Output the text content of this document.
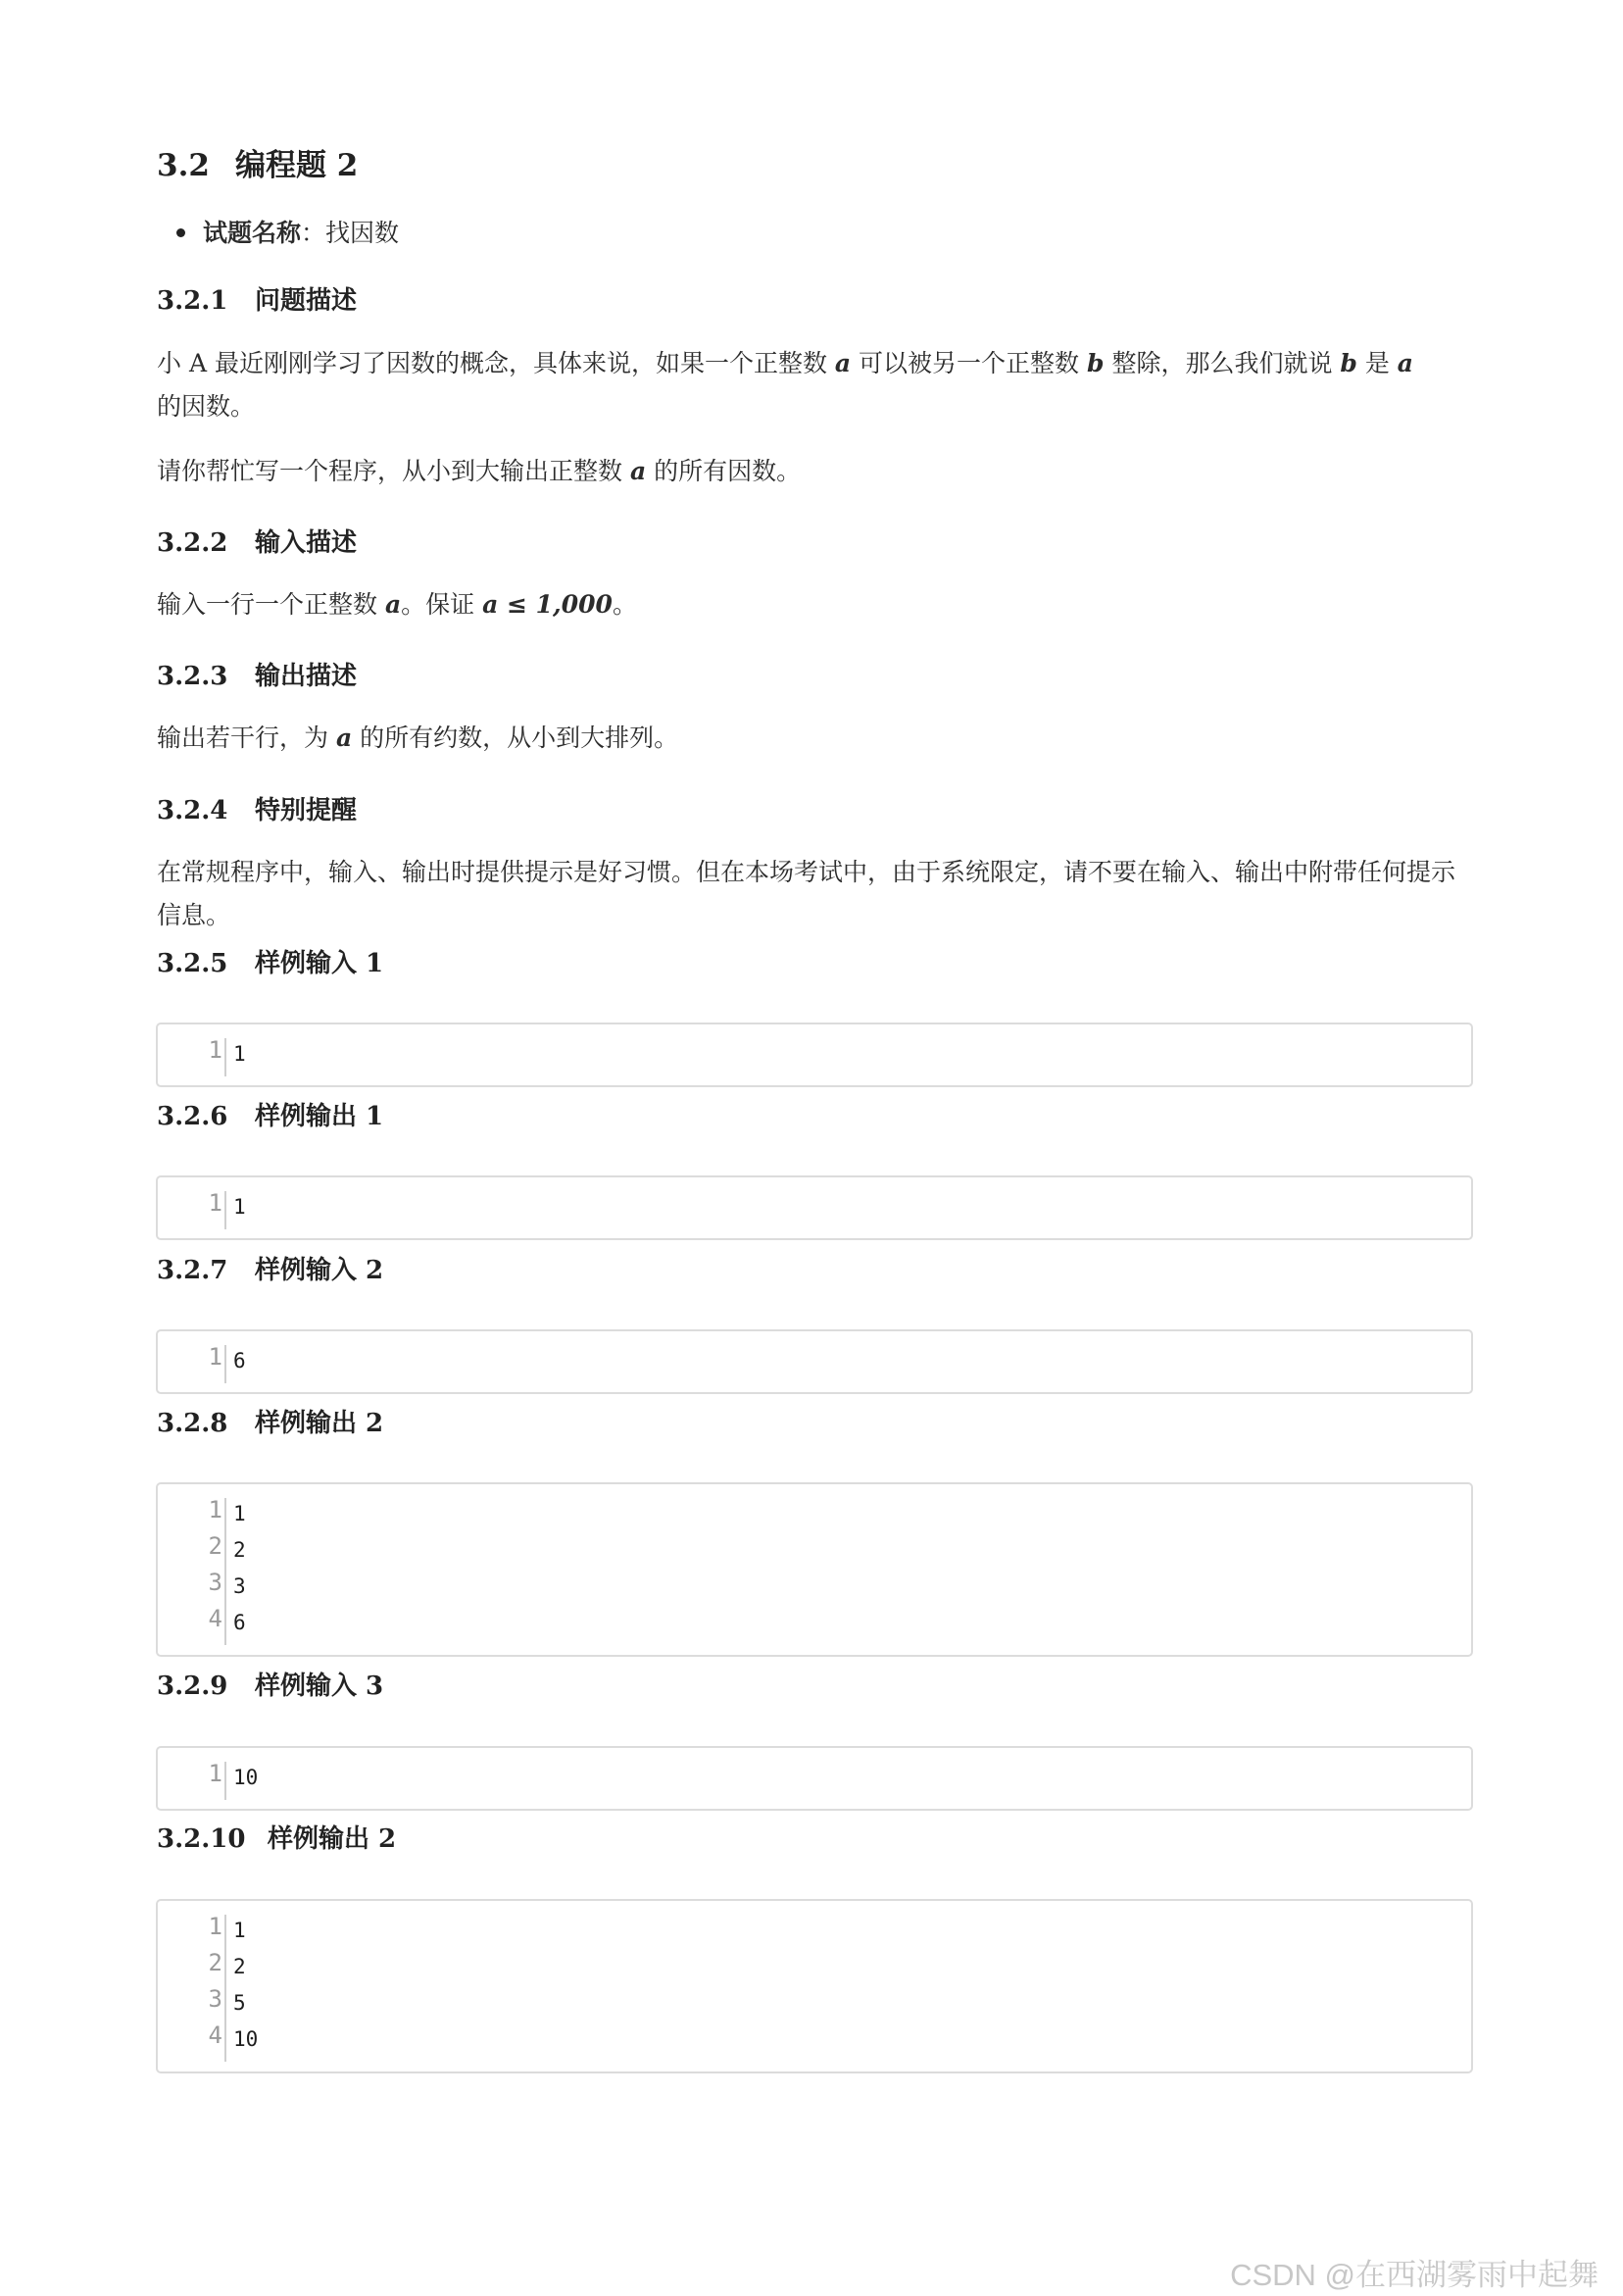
3.2 编程题 2
试题名称：找因数
3.2.1 问题描述

小 A 最近刚刚学习了因数的概念，具体来说，如果一个正整数 a 可以被另一个正整数 b 整除，那么我们就说 b 是 a
的因数。

请你帮忙写一个程序，从小到大输出正整数 a 的所有因数。

3.2.2 输入描述

输入一行一个正整数 a。保证 a ≤ 1,000。

3.2.3 输出描述

输出若干行，为 a 的所有约数，从小到大排列。

3.2.4 特别提醒

在常规程序中，输入、输出时提供提示是好习惯。但在本场考试中，由于系统限定，请不要在输入、输出中附带任何提示信息。

3.2.5 样例输入 1
1 1
3.2.6 样例输出 1
1 1
3.2.7 样例输入 2
1 6
3.2.8 样例输出 2
1 1
2 2
3 3
4 6
3.2.9 样例输入 3
1 10
3.2.10 样例输出 2
1 1
2 2
3 5
4 10
CSDN @在西湖雾雨中起舞
